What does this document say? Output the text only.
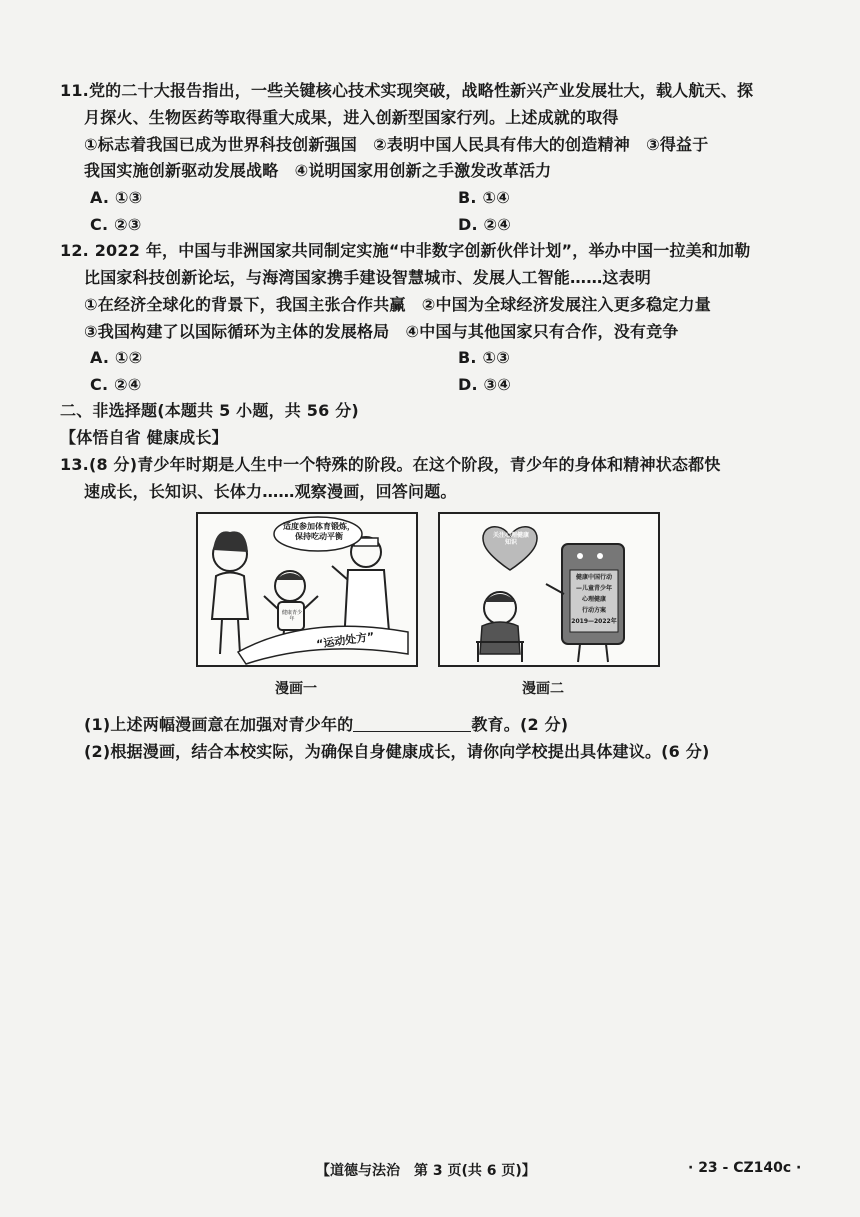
11.党的二十大报告指出，一些关键核心技术实现突破，战略性新兴产业发展壮大，载人航天、探
月探火、生物医药等取得重大成果，进入创新型国家行列。上述成就的取得
①标志着我国已成为世界科技创新强国　②表明中国人民具有伟大的创造精神　③得益于
我国实施创新驱动发展战略　④说明国家用创新之手激发改革活力
A. ①③	B. ①④
C. ②③	D. ②④
12. 2022 年，中国与非洲国家共同制定实施“中非数字创新伙伴计划”，举办中国一拉美和加勒
比国家科技创新论坛，与海湾国家携手建设智慧城市、发展人工智能……这表明
①在经济全球化的背景下，我国主张合作共赢　②中国为全球经济发展注入更多稳定力量
③我国构建了以国际循环为主体的发展格局　④中国与其他国家只有合作，没有竞争
A. ①②	B. ①③
C. ②④	D. ③④
二、非选择题(本题共 5 小题，共 56 分)
【体悟自省 健康成长】
13.(8 分)青少年时期是人生中一个特殊的阶段。在这个阶段，青少年的身体和精神状态都快
速成长，长知识、长体力……观察漫画，回答问题。
适度参加体育锻炼，保持吃动平衡
健康青少年
“运动处方”
漫画一
关注心理健康知识
健康中国行动
—儿童青少年
心理健康
行动方案
2019—2022年
漫画二
(1)上述两幅漫画意在加强对青少年的	教育。(2 分)
(2)根据漫画，结合本校实际，为确保自身健康成长，请你向学校提出具体建议。(6 分)
【道德与法治　第 3 页(共 6 页)】	· 23 - CZ140c ·
